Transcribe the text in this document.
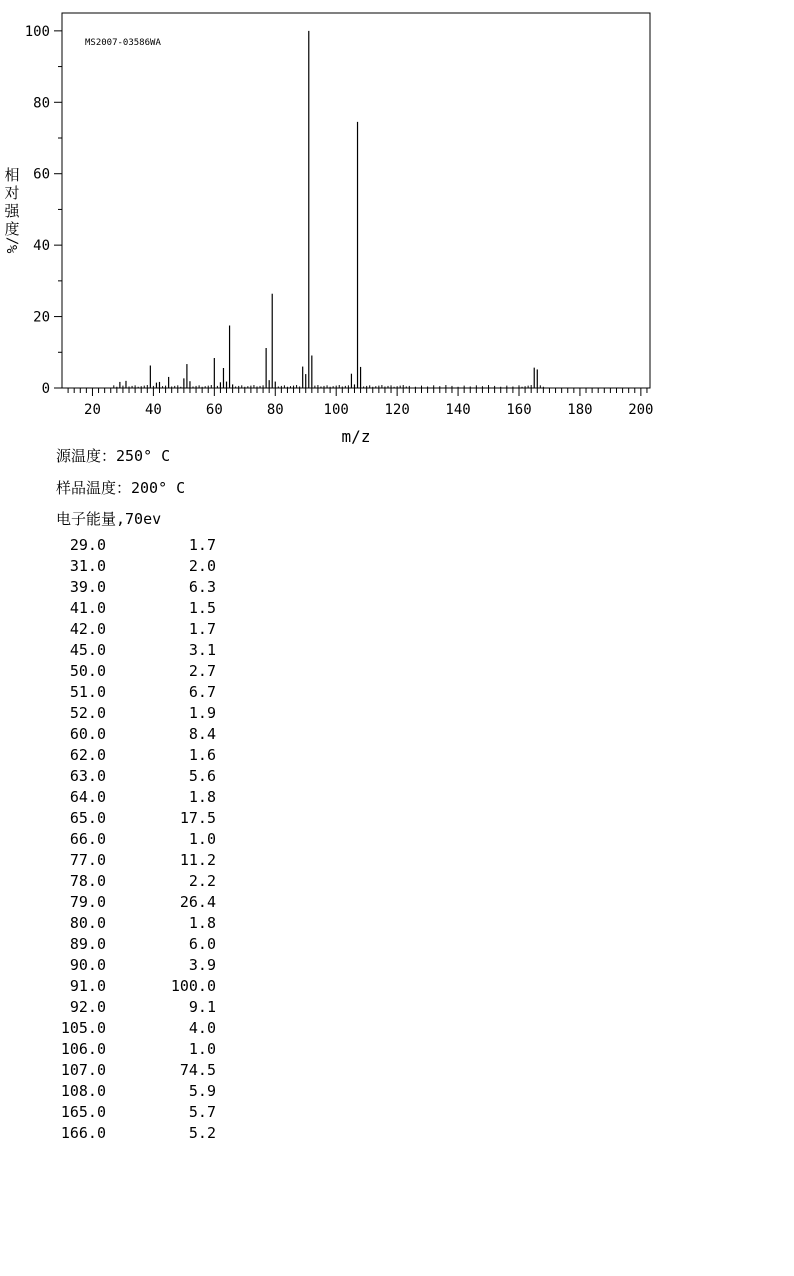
20	40	60	80	100	120	140	160	180	200
0
20
40
60
80
100
MS2007-03586WA
m/z
相
对
强
度
%/
源温度：250° C
样品温度：200° C
电子能量,70ev
29.0	1.7
31.0	2.0
39.0	6.3
41.0	1.5
42.0	1.7
45.0	3.1
50.0	2.7
51.0	6.7
52.0	1.9
60.0	8.4
62.0	1.6
63.0	5.6
64.0	1.8
65.0	17.5
66.0	1.0
77.0	11.2
78.0	2.2
79.0	26.4
80.0	1.8
89.0	6.0
90.0	3.9
91.0	100.0
92.0	9.1
105.0	4.0
106.0	1.0
107.0	74.5
108.0	5.9
165.0	5.7
166.0	5.2
